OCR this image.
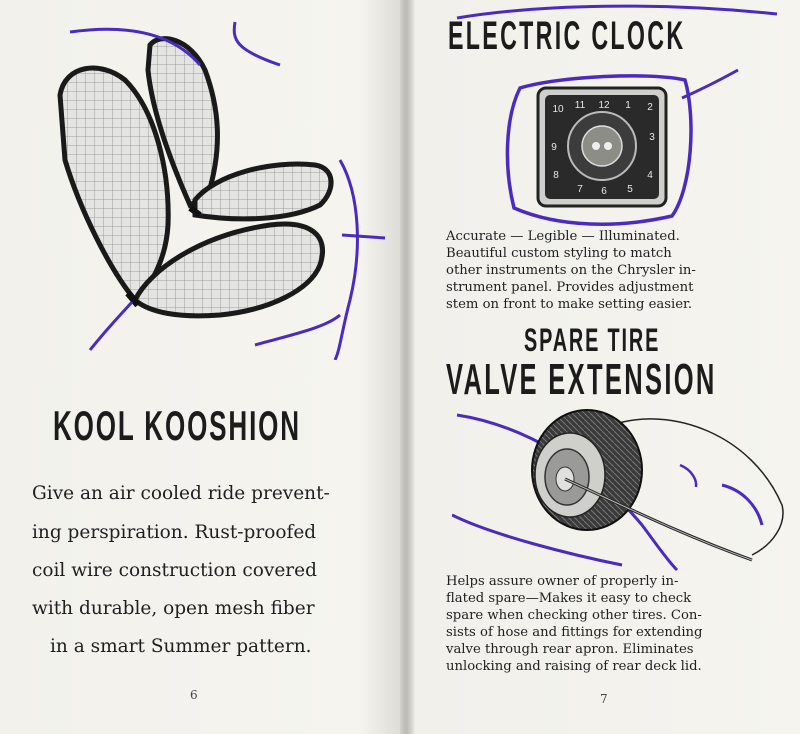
KOOL KOOSHION

Give an air cooled ride prevent-

ing perspiration. Rust-proofed

coil wire construction covered

with durable, open mesh fiber

in a smart Summer pattern.

6
ELECTRIC CLOCK
12 1 2
3
4
5
6
7
8
9
10 11

Accurate — Legible — Illuminated.

Beautiful custom styling to match

other instruments on the Chrysler in-

strument panel. Provides adjustment

stem on front to make setting easier.

SPARE TIRE
VALVE EXTENSION

Helps assure owner of properly in-

flated spare—Makes it easy to check

spare when checking other tires. Con-

sists of hose and fittings for extending

valve through rear apron. Eliminates

unlocking and raising of rear deck lid.

7
